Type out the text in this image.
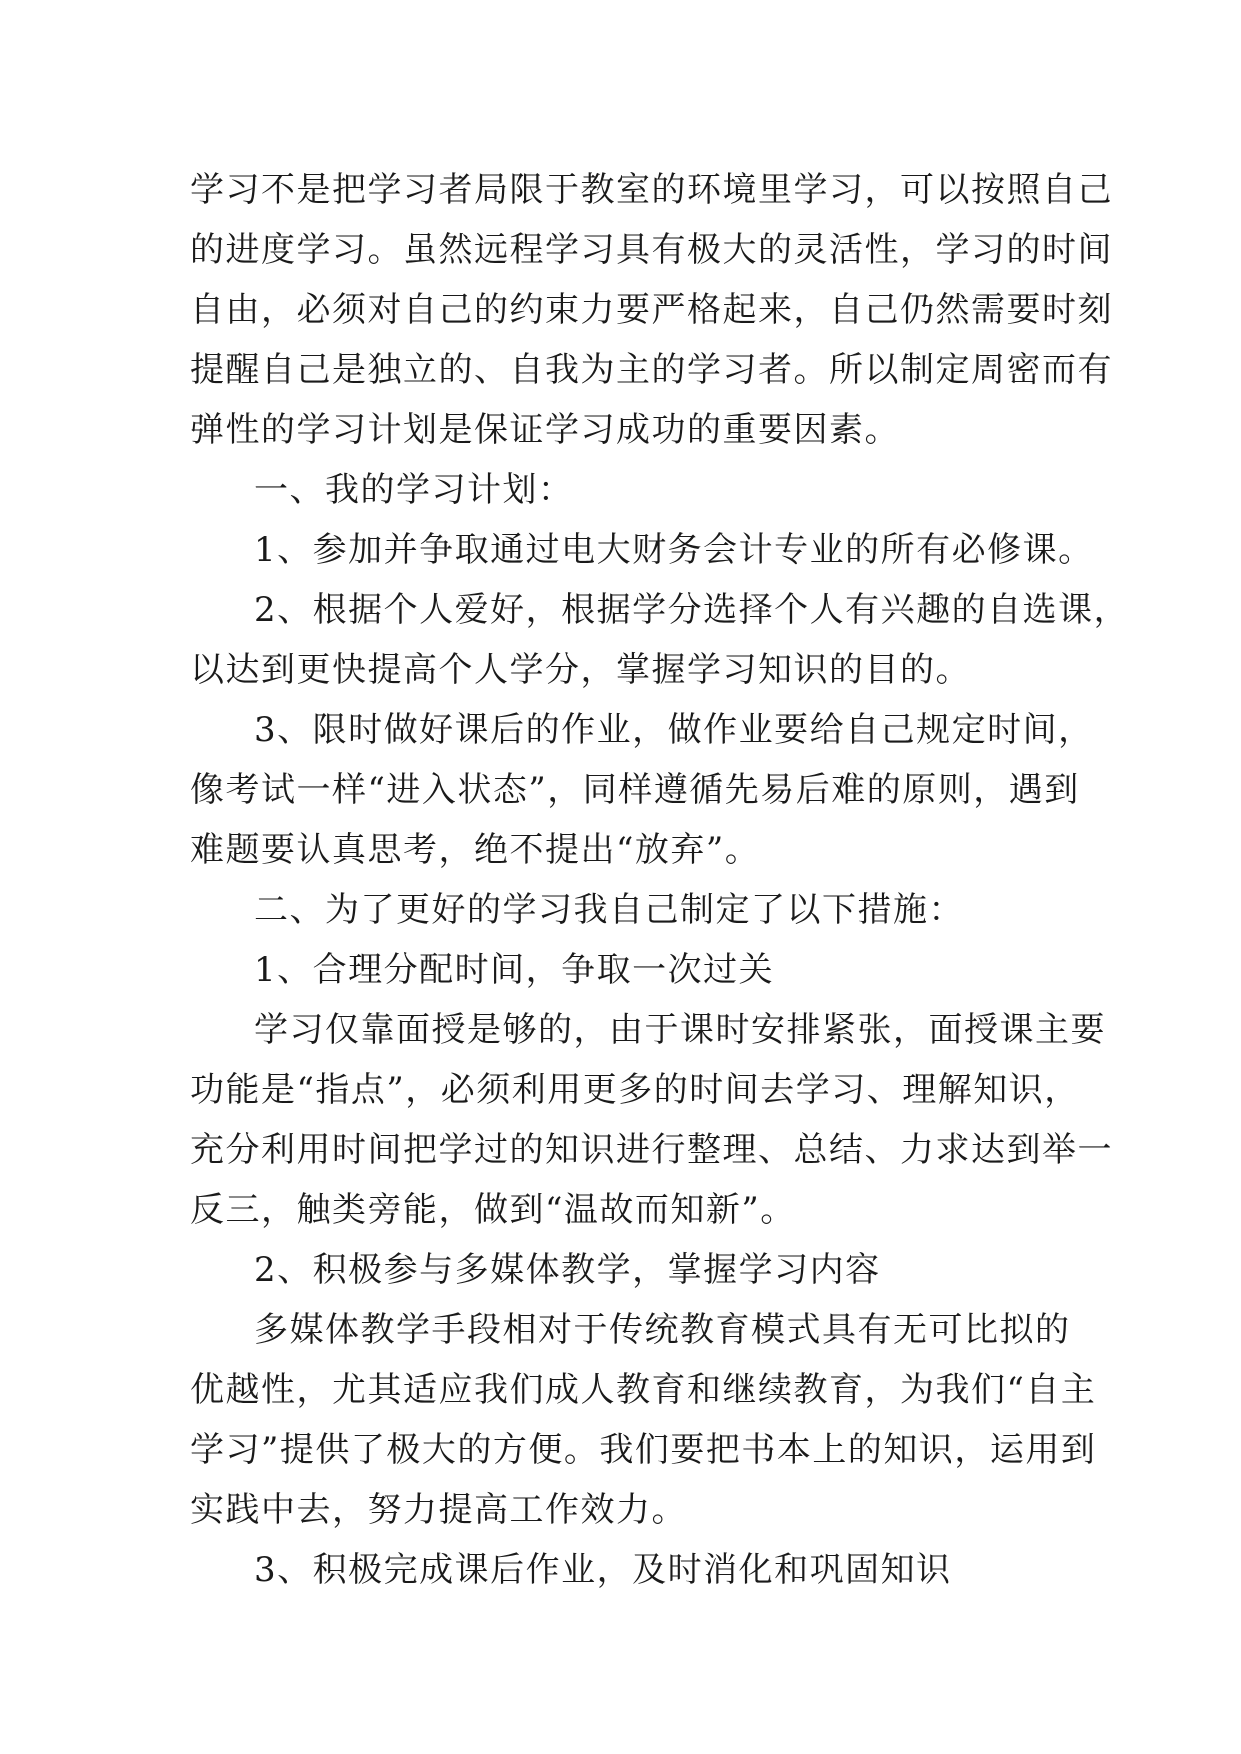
学习不是把学习者局限于教室的环境里学习，可以按照自己
的进度学习。虽然远程学习具有极大的灵活性，学习的时间
自由，必须对自己的约束力要严格起来，自己仍然需要时刻
提醒自己是独立的、自我为主的学习者。所以制定周密而有
弹性的学习计划是保证学习成功的重要因素。
一、我的学习计划：
1、参加并争取通过电大财务会计专业的所有必修课。
2、根据个人爱好，根据学分选择个人有兴趣的自选课，
以达到更快提高个人学分，掌握学习知识的目的。
3、限时做好课后的作业，做作业要给自己规定时间，
像考试一样“进入状态”，同样遵循先易后难的原则，遇到
难题要认真思考，绝不提出“放弃”。
二、为了更好的学习我自己制定了以下措施：
1、合理分配时间，争取一次过关
学习仅靠面授是够的，由于课时安排紧张，面授课主要
功能是“指点”，必须利用更多的时间去学习、理解知识，
充分利用时间把学过的知识进行整理、总结、力求达到举一
反三，触类旁能，做到“温故而知新”。
2、积极参与多媒体教学，掌握学习内容
多媒体教学手段相对于传统教育模式具有无可比拟的
优越性，尤其适应我们成人教育和继续教育，为我们“自主
学习”提供了极大的方便。我们要把书本上的知识，运用到
实践中去，努力提高工作效力。
3、积极完成课后作业，及时消化和巩固知识
